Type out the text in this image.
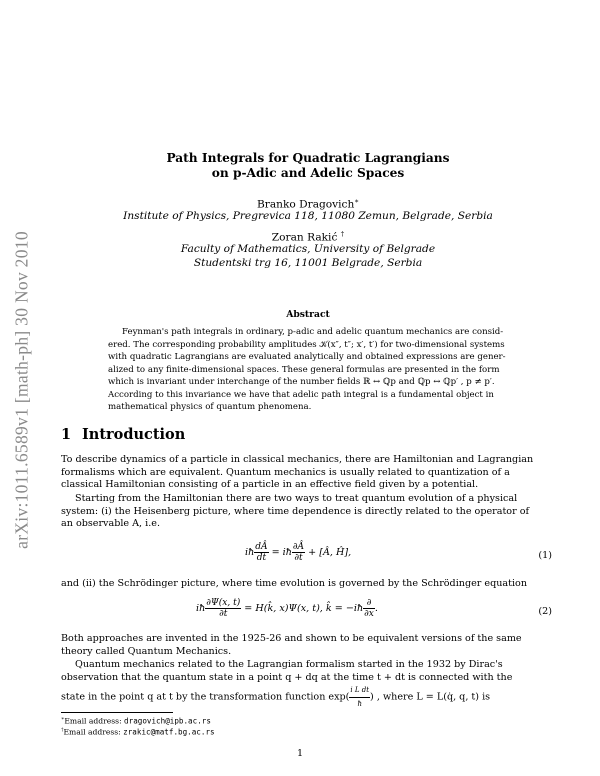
arXiv:1011.6589v1 [math-ph] 30 Nov 2010
Path Integrals for Quadratic Lagrangians
on p-Adic and Adelic Spaces
Branko Dragovich∗
Institute of Physics, Pregrevica 118, 11080 Zemun, Belgrade, Serbia
Zoran Rakić †
Faculty of Mathematics, University of Belgrade
Studentski trg 16, 11001 Belgrade, Serbia
Abstract
Feynman's path integrals in ordinary, p-adic and adelic quantum mechanics are consid-
ered. The corresponding probability amplitudes 𝒦(x″, t″; x′, t′) for two-dimensional systems
with quadratic Lagrangians are evaluated analytically and obtained expressions are gener-
alized to any finite-dimensional spaces. These general formulas are presented in the form
which is invariant under interchange of the number fields ℝ ↔ ℚp and ℚp ↔ ℚp′ , p ≠ p′.
According to this invariance we have that adelic path integral is a fundamental object in
mathematical physics of quantum phenomena.
1 Introduction
To describe dynamics of a particle in classical mechanics, there are Hamiltonian and Lagrangian
formalisms which are equivalent. Quantum mechanics is usually related to quantization of a
classical Hamiltonian consisting of a particle in an effective field given by a potential.
Starting from the Hamiltonian there are two ways to treat quantum evolution of a physical
system: (i) the Heisenberg picture, where time dependence is directly related to the operator of
an observable A, i.e.
iħ $\frac{dÂ}{dt}$ = iħ $\frac{\partial Â}{\partial t}$ + [Â, Ĥ],	(1)
and (ii) the Schrödinger picture, where time evolution is governed by the Schrödinger equation
iħ $\frac{\partial\Psi(x, t)}{\partial t}$ = H(k̂, x)Ψ(x, t), k̂ = −iħ $\frac{\partial}{\partial x}$ .	(2)
Both approaches are invented in the 1925-26 and shown to be equivalent versions of the same
theory called Quantum Mechanics.
Quantum mechanics related to the Lagrangian formalism started in the 1932 by Dirac's
observation that the quantum state in a point q + dq at the time t + dt is connected with the
state in the point q at t by the transformation function $\exp( \frac{\text{i L dt}}{ħ}$ ) , where L = L(q̇, q, t) is
∗Email address: dragovich@ipb.ac.rs
†Email address: zrakic@matf.bg.ac.rs
1
